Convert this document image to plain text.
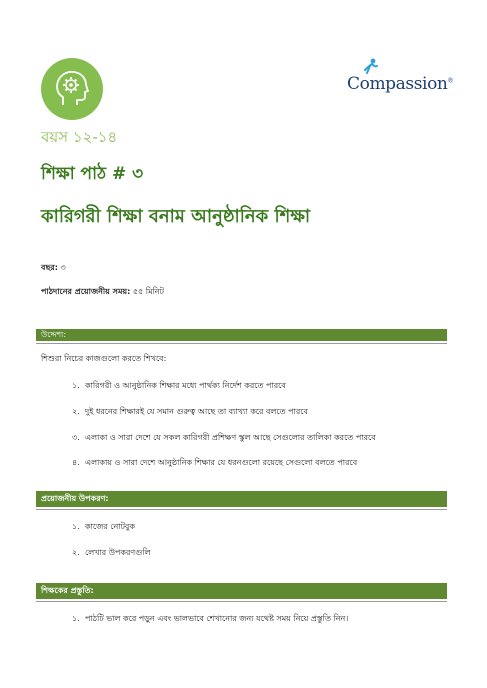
Compassion®
বয়স ১২-১৪
শিক্ষা পাঠ # ৩
কারিগরী শিক্ষা বনাম আনুষ্ঠানিক শিক্ষা
বছর: ৩
পাঠদানের প্রয়োজনীয় সময়: ৫৫ মিনিট
উদ্দেশ্য:
শিশুরা নিচের কাজগুলো করতে শিখবে:
১. কারিগরী ও আনুষ্ঠানিক শিক্ষার মধ্যে পার্থক্য নির্দেশ করতে পারবে
২. দুই ধরনের শিক্ষারই যে সমান গুরুত্ব আছে তা ব্যাখ্যা করে বলতে পারবে
৩. এলাকা ও সারা দেশে যে সকল কারিগরী প্রশিক্ষণ স্কুল আছে সেগুলোর তালিকা করতে পারবে
৪. এলাকায় ও সারা দেশে আনুষ্ঠানিক শিক্ষার যে ধরনগুলো রয়েছে সেগুলো বলতে পারবে
প্রয়োজনীয় উপকরণ:
১. কাজের নোটবুক
২. লেখার উপকরণগুলি
শিক্ষকের প্রস্তুতি:
১. পাঠটি ভাল করে পড়ুন এবং ভালভাবে শেখানোর জন্য যথেষ্ট সময় নিয়ে প্রস্তুতি নিন।
